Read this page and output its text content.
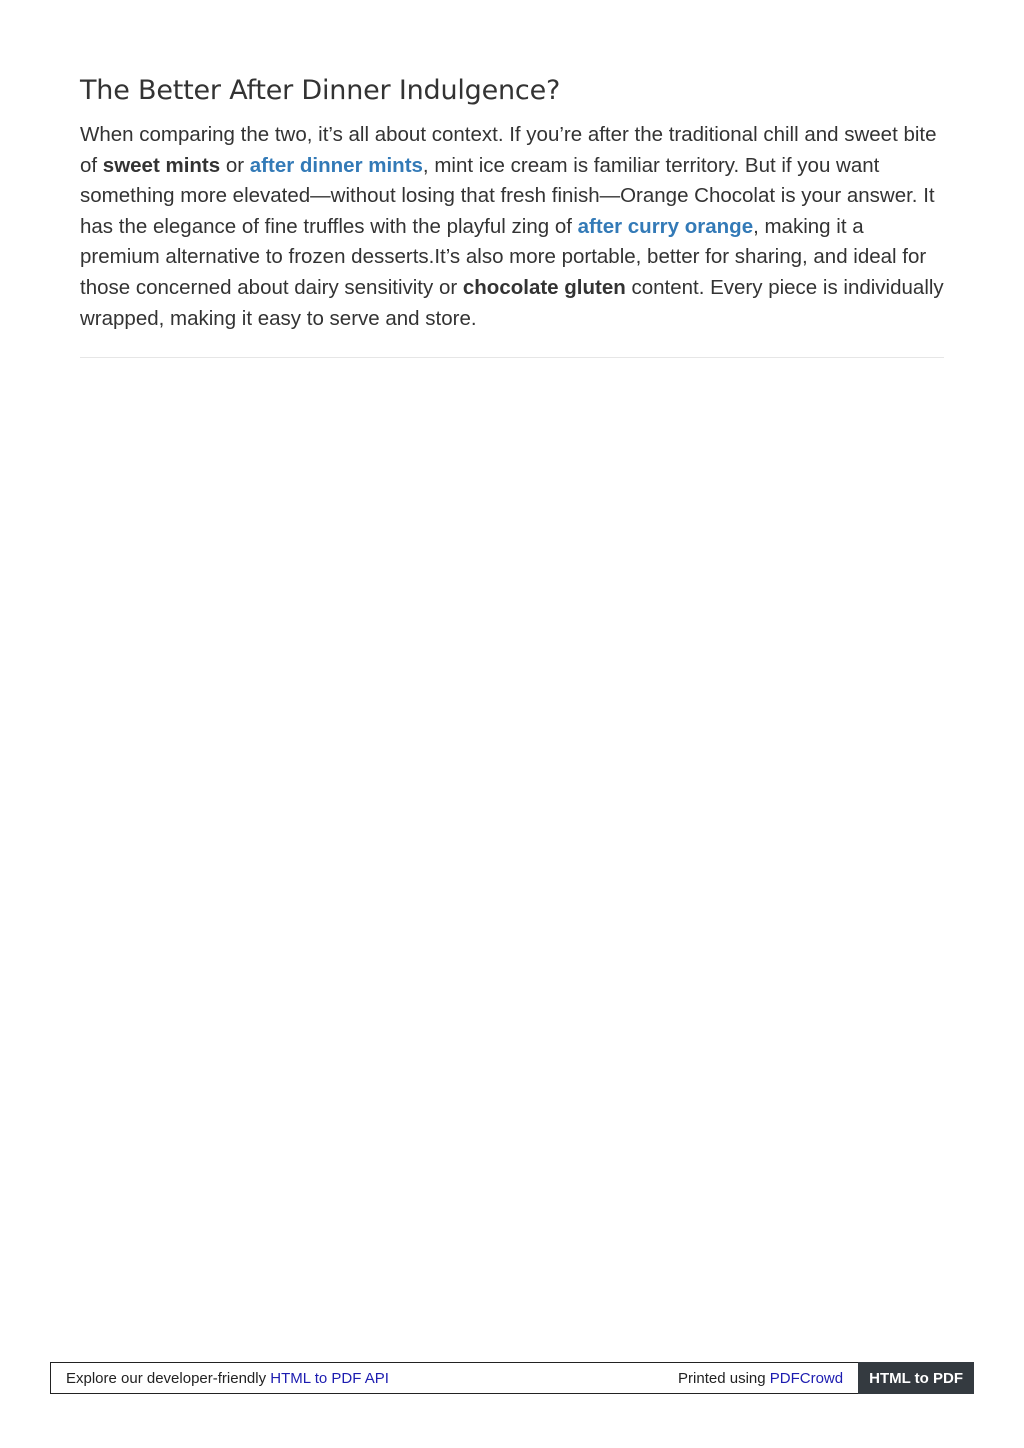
The Better After Dinner Indulgence?

When comparing the two, it’s all about context. If you’re after the traditional chill and sweet bite of sweet mints or after dinner mints, mint ice cream is familiar territory. But if you want something more elevated—without losing that fresh finish—Orange Chocolat is your answer. It has the elegance of fine truffles with the playful zing of after curry orange, making it a premium alternative to frozen desserts.It’s also more portable, better for sharing, and ideal for those concerned about dairy sensitivity or chocolate gluten content. Every piece is individually wrapped, making it easy to serve and store.

Explore our developer-friendly HTML to PDF API	Printed using PDFCrowd	HTML to PDF
